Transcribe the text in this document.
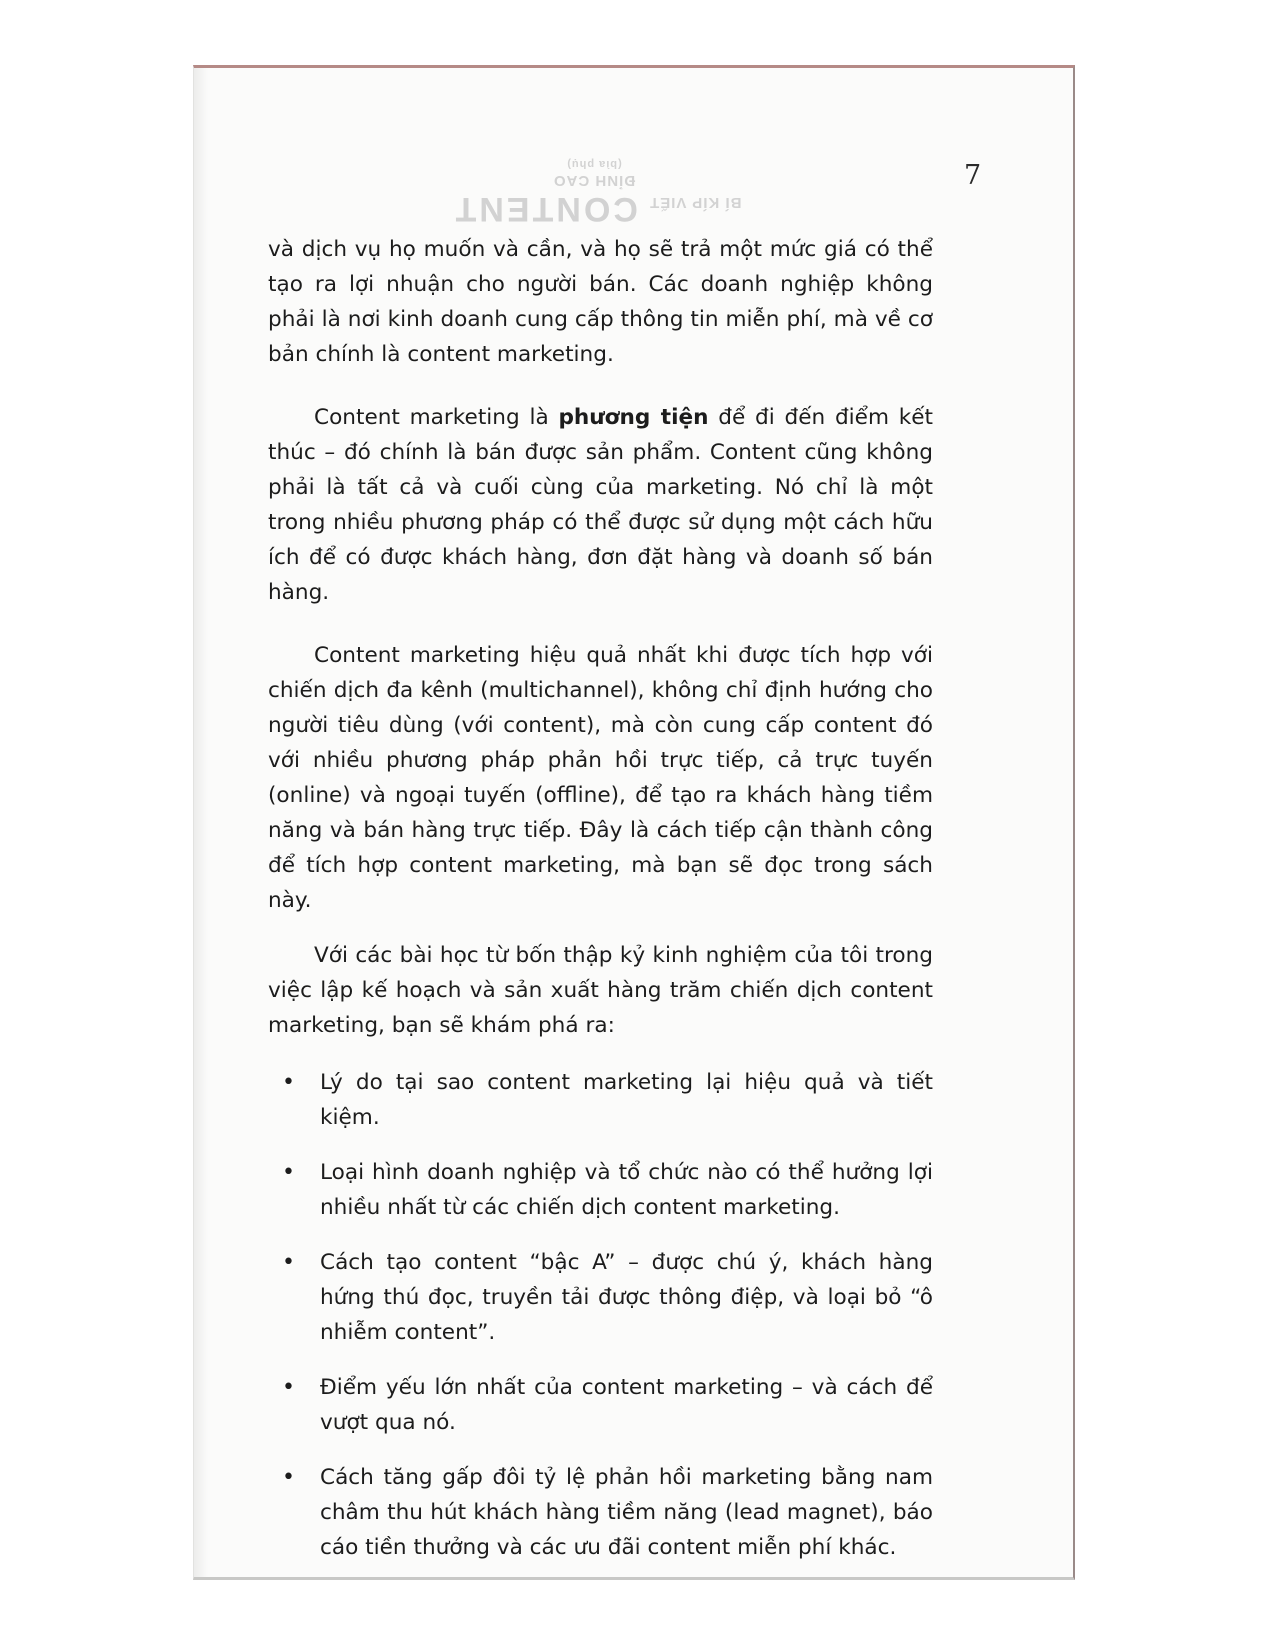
BÍ KÍP VIẾT CONTENT ĐỈNH CAO
(bìa phụ)	7

và dịch vụ họ muốn và cần, và họ sẽ trả một mức giá có thể tạo ra lợi nhuận cho người bán. Các doanh nghiệp không phải là nơi kinh doanh cung cấp thông tin miễn phí, mà về cơ bản chính là content marketing.

Content marketing là phương tiện để đi đến điểm kết thúc – đó chính là bán được sản phẩm. Content cũng không phải là tất cả và cuối cùng của marketing. Nó chỉ là một trong nhiều phương pháp có thể được sử dụng một cách hữu ích để có được khách hàng, đơn đặt hàng và doanh số bán hàng.

Content marketing hiệu quả nhất khi được tích hợp với chiến dịch đa kênh (multichannel), không chỉ định hướng cho người tiêu dùng (với content), mà còn cung cấp content đó với nhiều phương pháp phản hồi trực tiếp, cả trực tuyến (online) và ngoại tuyến (offline), để tạo ra khách hàng tiềm năng và bán hàng trực tiếp. Đây là cách tiếp cận thành công để tích hợp content marketing, mà bạn sẽ đọc trong sách này.

Với các bài học từ bốn thập kỷ kinh nghiệm của tôi trong việc lập kế hoạch và sản xuất hàng trăm chiến dịch content marketing, bạn sẽ khám phá ra:

• Lý do tại sao content marketing lại hiệu quả và tiết kiệm.
• Loại hình doanh nghiệp và tổ chức nào có thể hưởng lợi nhiều nhất từ các chiến dịch content marketing.
• Cách tạo content “bậc A” – được chú ý, khách hàng hứng thú đọc, truyền tải được thông điệp, và loại bỏ “ô nhiễm content”.
• Điểm yếu lớn nhất của content marketing – và cách để vượt qua nó.
• Cách tăng gấp đôi tỷ lệ phản hồi marketing bằng nam châm thu hút khách hàng tiềm năng (lead magnet), báo cáo tiền thưởng và các ưu đãi content miễn phí khác.
